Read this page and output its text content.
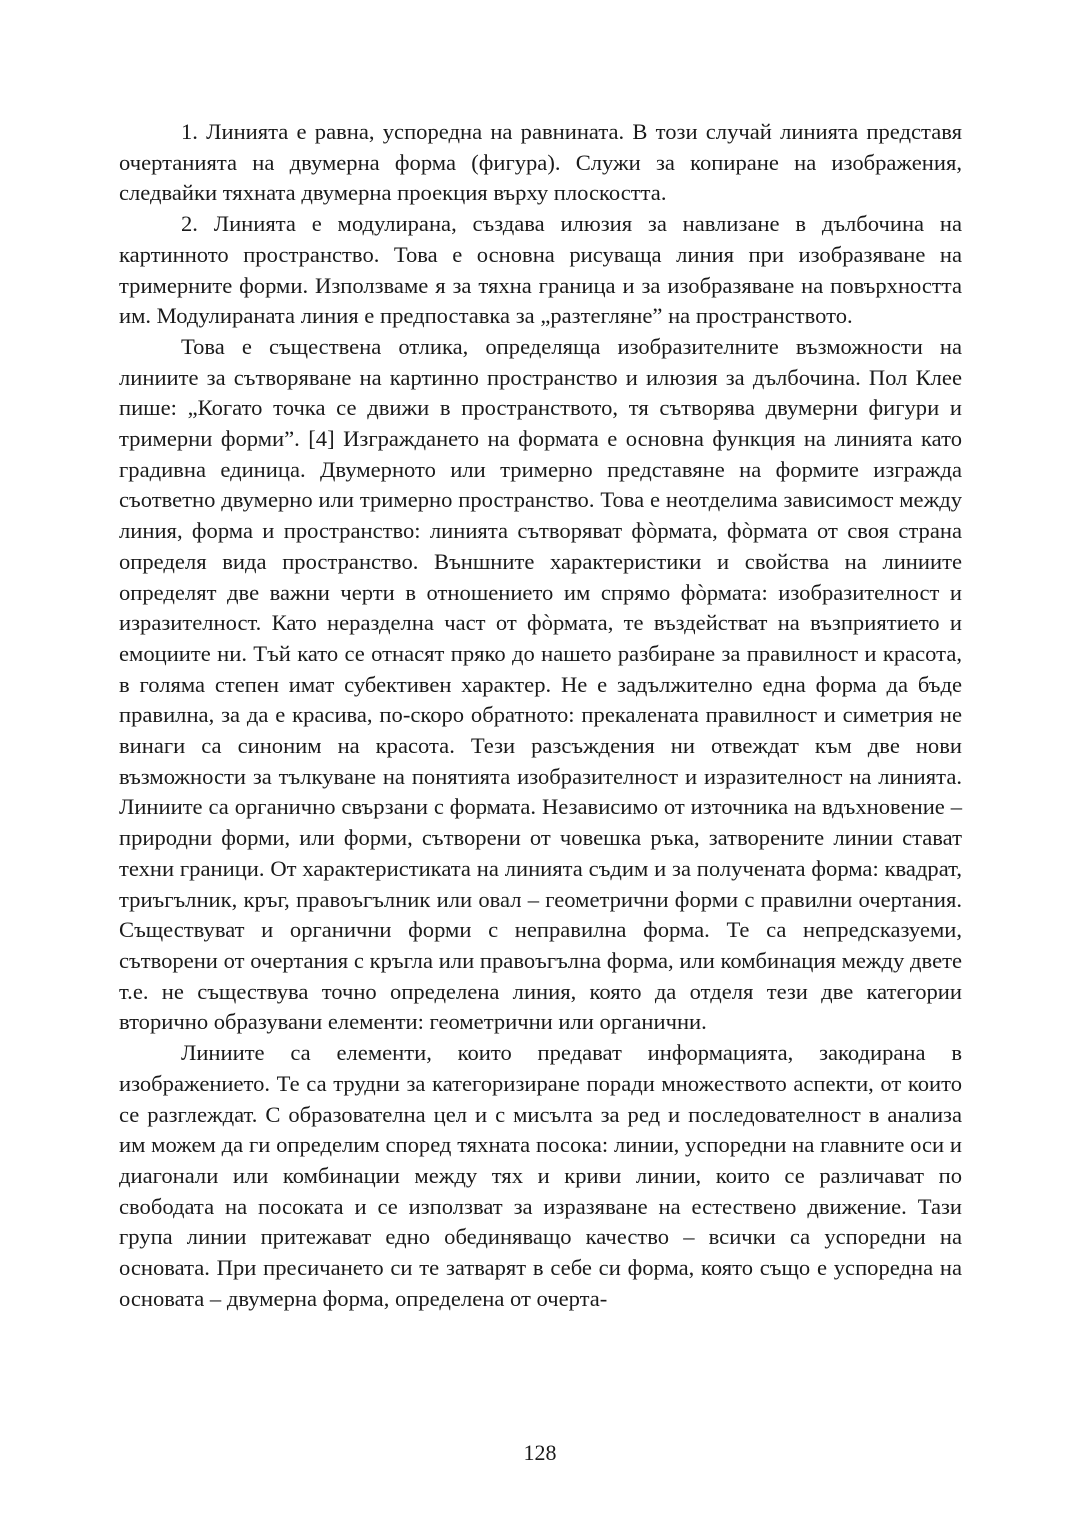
1. Линията е равна, успоредна на равнината. В този случай линията представя очертанията на двумерна форма (фигура). Служи за копиране на изображения, следвайки тяхната двумерна проекция върху плоскостта.

2. Линията е модулирана, създава илюзия за навлизане в дълбочина на картинното пространство. Това е основна рисуваща линия при изобразяване на тримерните форми. Използваме я за тяхна граница и за изобразяване на повърхността им. Модулираната линия е предпоставка за „разтегляне” на пространството.

Това е съществена отлика, определяща изобразителните възможности на линиите за сътворяване на картинно пространство и илюзия за дълбочина. Пол Клее пише: „Когато точка се движи в пространството, тя сътворява двумерни фигури и тримерни форми”. [4] Изграждането на формата е основна функция на линията като градивна единица. Двумерното или тримерно представяне на формите изгражда съответно двумерно или тримерно пространство. Това е неотделима зависимост между линия, форма и пространство: линията сътворяват фòрмата, фòрмата от своя страна определя вида пространство. Външните характеристики и свойства на линиите определят две важни черти в отношението им спрямо фòрмата: изобразителност и изразителност. Като неразделна част от фòрмата, те въздействат на възприятието и емоциите ни. Тъй като се отнасят пряко до нашето разбиране за правилност и красота, в голяма степен имат субективен характер. Не е задължително една форма да бъде правилна, за да е красива, по-скоро обратното: прекалената правилност и симетрия не винаги са синоним на красота. Тези разсъждения ни отвеждат към две нови възможности за тълкуване на понятията изобразителност и изразителност на линията. Линиите са органично свързани с формата. Независимо от източника на вдъхновение – природни форми, или форми, сътворени от човешка ръка, затворените линии стават техни граници. От характеристиката на линията съдим и за получената форма: квадрат, триъгълник, кръг, правоъгълник или овал – геометрични форми с правилни очертания. Съществуват и органични форми с неправилна форма. Те са непредсказуеми, сътворени от очертания с кръгла или правоъгълна форма, или комбинация между двете т.е. не съществува точно определена линия, която да отделя тези две категории вторично образувани елементи: геометрични или органични.

Линиите са елементи, които предават информацията, закодирана в изображението. Те са трудни за категоризиране поради множеството аспекти, от които се разглеждат. С образователна цел и с мисълта за ред и последователност в анализа им можем да ги определим според тяхната посока: линии, успоредни на главните оси и диагонали или комбинации между тях и криви линии, които се различават по свободата на посоката и се използват за изразяване на естествено движение. Тази група линии притежават едно обединяващо качество – всички са успоредни на основата. При пресичането си те затварят в себе си форма, която също е успоредна на основата – двумерна форма, определена от очерта-

128
